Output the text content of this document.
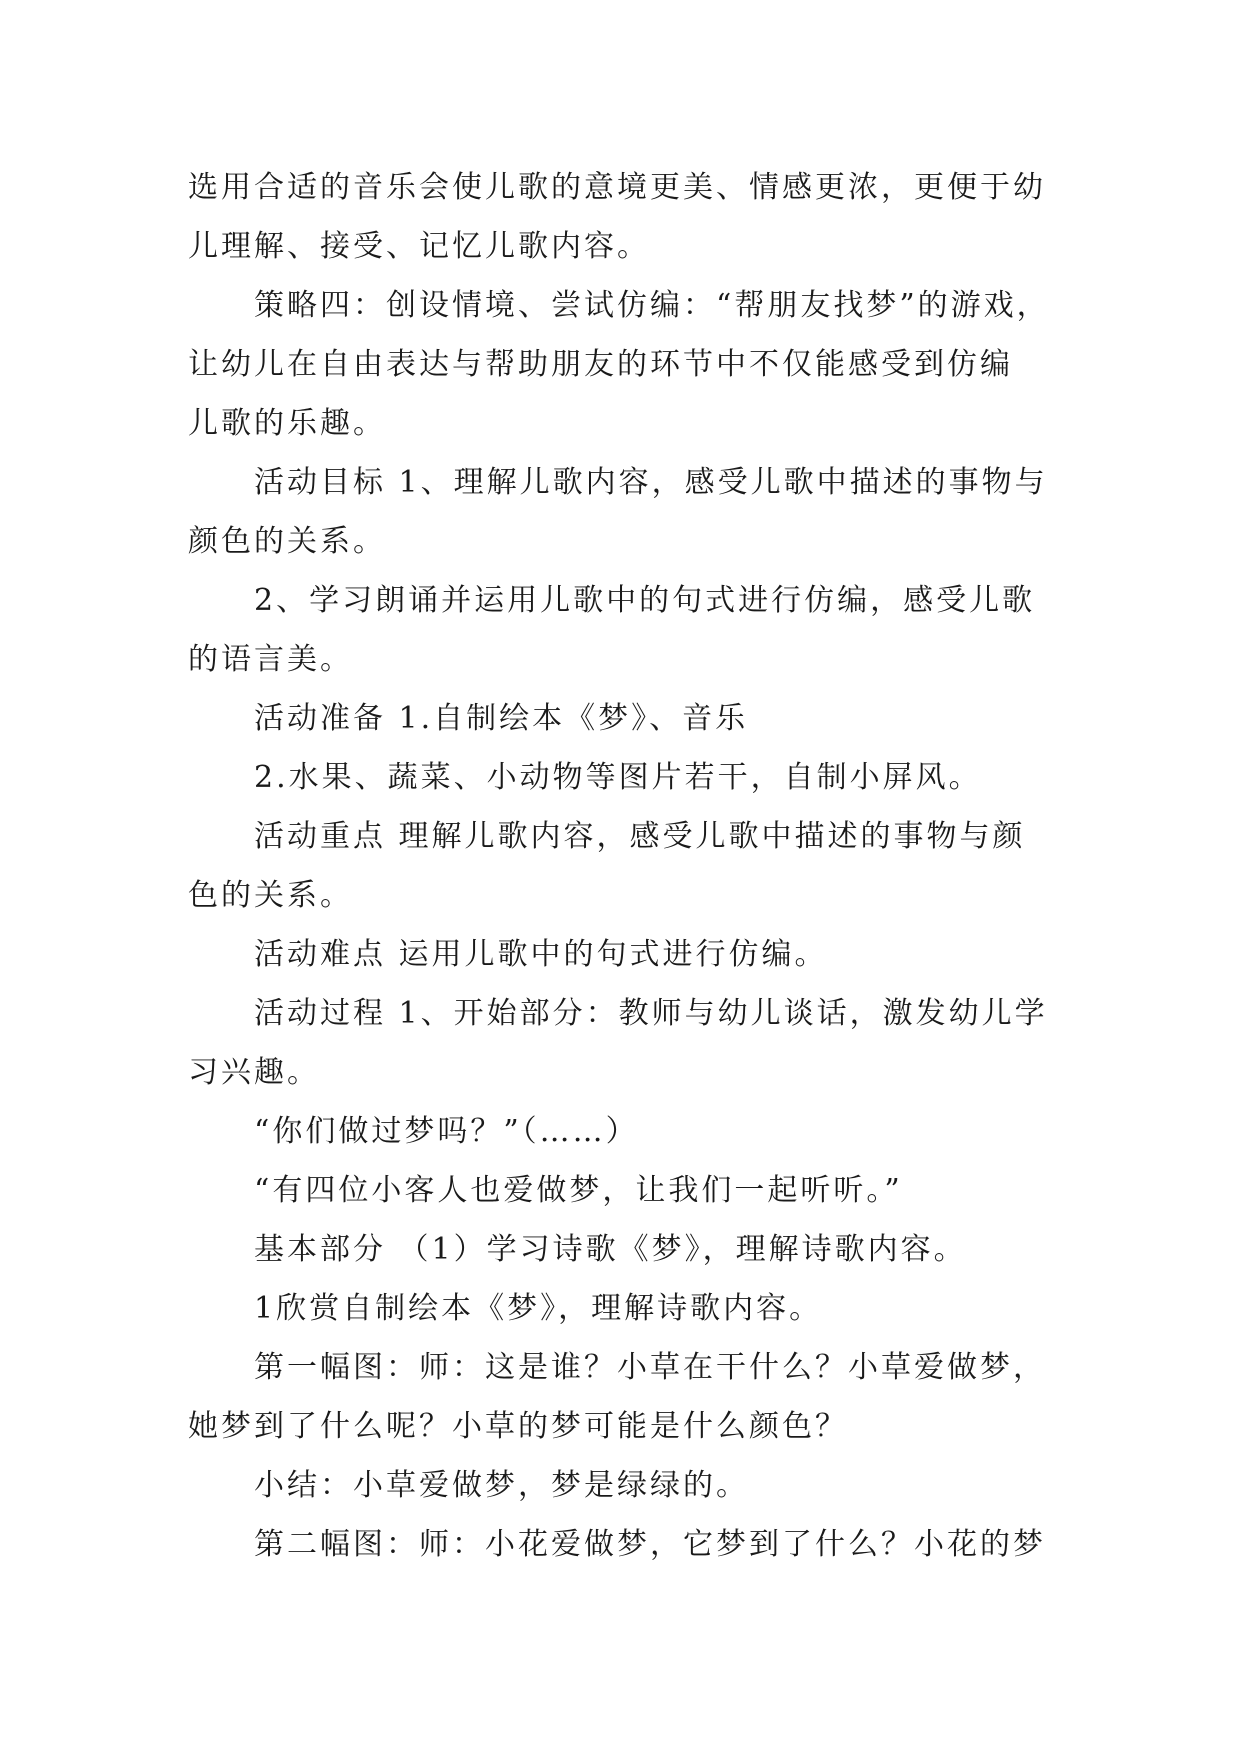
选用合适的音乐会使儿歌的意境更美、情感更浓，更便于幼
儿理解、接受、记忆儿歌内容。
策略四：创设情境、尝试仿编：“帮朋友找梦”的游戏，
让幼儿在自由表达与帮助朋友的环节中不仅能感受到仿编
儿歌的乐趣。
活动目标 1、理解儿歌内容，感受儿歌中描述的事物与
颜色的关系。
2、学习朗诵并运用儿歌中的句式进行仿编，感受儿歌
的语言美。
活动准备 1.自制绘本《梦》、音乐
2.水果、蔬菜、小动物等图片若干，自制小屏风。
活动重点 理解儿歌内容，感受儿歌中描述的事物与颜
色的关系。
活动难点 运用儿歌中的句式进行仿编。
活动过程 1、开始部分：教师与幼儿谈话，激发幼儿学
习兴趣。
“你们做过梦吗？”（……）
“有四位小客人也爱做梦，让我们一起听听。”
基本部分 （1）学习诗歌《梦》，理解诗歌内容。
1欣赏自制绘本《梦》，理解诗歌内容。
第一幅图：师：这是谁？小草在干什么？小草爱做梦，
她梦到了什么呢？小草的梦可能是什么颜色？
小结：小草爱做梦，梦是绿绿的。
第二幅图：师：小花爱做梦，它梦到了什么？小花的梦
